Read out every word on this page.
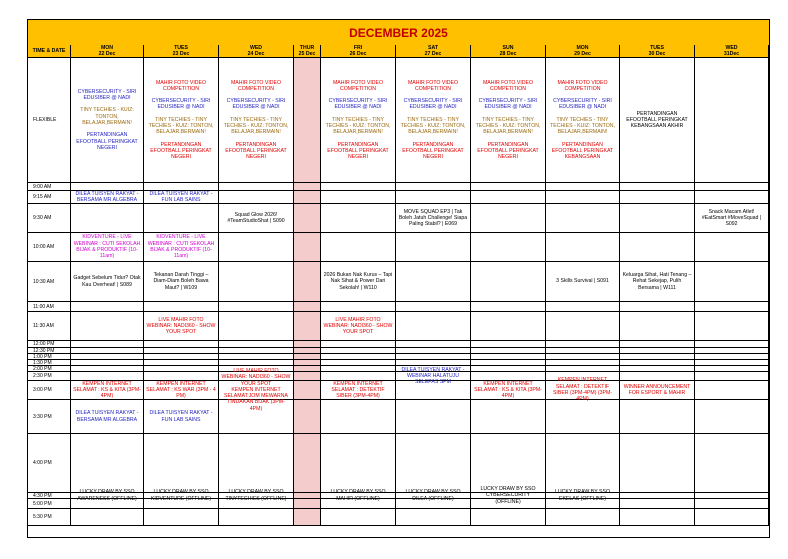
DECEMBER 2025
TIME & DATE	MON
22 Dec
TUES
23 Dec
WED
24 Dec
THUR
25 Dec
FRI
26 Dec
SAT
27 Dec
SUN
28 Dec
MON
29 Dec
TUES
30 Dec
WED
31Dec
FLEXIBLE
9:00 AM
9:15 AM
9:30 AM
10:00 AM
10:30 AM
11:00 AM
11:30 AM
12:00 PM
12:30 PM
1:00 PM
1:30 PM
2:00 PM
2:30 PM
3:00 PM
3:30 PM
4:00 PM
4:30 PM
5:00 PM
5:30 PM
CYBERSECURITY - SIRI EDUSIBER @ NADI
TINY TECHIES - KUIZ: TONTON, BELAJAR,BERMAIN!
PERTANDINGAN EFOOTBALL PERINGKAT NEGERI
MAHIR FOTO VIDEO COMPETITION
CYBERSECURITY - SIRI EDUSIBER @ NADI
TINY TECHIES - TINY TECHIES - KUIZ: TONTON, BELAJAR,BERMAIN!
PERTANDINGAN EFOOTBALL PERINGKAT NEGERI
MAHIR FOTO VIDEO COMPETITION
CYBERSECURITY - SIRI EDUSIBER @ NADI
TINY TECHIES - TINY TECHIES - KUIZ: TONTON, BELAJAR,BERMAIN!
PERTANDINGAN EFOOTBALL PERINGKAT NEGERI
MAHIR FOTO VIDEO COMPETITION
CYBERSECURITY - SIRI EDUSIBER @ NADI
TINY TECHIES - TINY TECHIES - KUIZ: TONTON, BELAJAR,BERMAIN!
PERTANDINGAN EFOOTBALL PERINGKAT NEGERI
MAHIR FOTO VIDEO COMPETITION
CYBERSECURITY - SIRI EDUSIBER @ NADI
TINY TECHIES - TINY TECHIES - KUIZ: TONTON, BELAJAR,BERMAIN!
PERTANDINGAN EFOOTBALL PERINGKAT NEGERI
MAHIR FOTO VIDEO COMPETITION
CYBERSECURITY - SIRI EDUSIBER @ NADI
TINY TECHIES - TINY TECHIES - KUIZ: TONTON, BELAJAR,BERMAIN!
PERTANDINGAN EFOOTBALL PERINGKAT NEGERI
MAHIR FOTO VIDEO COMPETITION
CYBERSECURITY - SIRI EDUSIBER @ NADI
TINY TECHIES - TINY TECHIES - KUIZ: TONTON, BELAJAR,BERMAIN!
PERTANDINGAN EFOOTBALL PERINGKAT KEBANGSAAN
PERTANDINGAN EFOOTBALL PERINGKAT KEBANGSAAN AKHIR
DILEA TUISYEN RAKYAT - BERSAMA MR ALGEBRA
DILEA TUISYEN RAKYAT - FUN LAB SAINS
Squad Glow 2026! #TeamStudioShat | S090
MOVE SQUAD EP3 | Tak Boleh Jatuh Challenge! Siapa Paling Stabil? | E069
Snack Macam Atlet! #EatSmart #MoveSquad | S092
KIDVENTURE - LIVE WEBINAR : CUTI SEKOLAH BIJAK & PRODUKTIF (10-11am)
KIDVENTURE - LIVE WEBINAR : CUTI SEKOLAH BIJAK & PRODUKTIF (10-11am)
Gadget Sebelum Tidur? Otak Kau Overheat! | S089
Tekanan Darah Tinggi – Diam-Diam Boleh Bawa Maut? | W109
2026 Bukan Nak Kurus – Tapi Nak Sihat & Power Dari Sekolah! | W110
3 Skills Survival | S091
Keluarga Sihat, Hati Tenang – Rehat Sekejap, Pulih Bersama | W111
LIVE MAHIR FOTO WEBINAR: NADI360 - SHOW YOUR SPOT
LIVE MAHIR FOTO WEBINAR: NADI360 - SHOW YOUR SPOT
DILEA TUISYEN RAKYAT - WEBINAR HALATUJU SELEPAS SPM
KEMPEN INTERNET SELAMAT : KS & KITA (3PM-4PM)
KEMPEN INTERNET SELAMAT : KS WAR (3PM - 4 PM)
LIVE MAHIR FOTO WEBINAR: NADI360 - SHOW YOUR SPOT
KEMPEN INTERNET SELAMAT:JOM MEWARNA TINDAKAN BIJAK (3PM-4PM)
KEMPEN INTERNET SELAMAT : DETEKTIF SIBER (3PM-4PM)
KEMPEN INTERNET SELAMAT : KS & KITA (3PM-4PM)
KEMPEN INTERNET SELAMAT : DETEKTIF SIBER (3PM-4PM) (3PM-4PM)
WINNER ANNOUNCEMENT FOR ESPORT & MAHIR
DILEA TUISYEN RAKYAT - BERSAMA MR ALGEBRA
DILEA TUISYEN RAKYAT - FUN LAB SAINS
LUCKY DRAW BY SSO AWARENESS (OFFLINE)
LUCKY DRAW BY SSO KIDVENTURE (OFFLINE)
LUCKY DRAW BY SSO TINYTECHIES (OFFLINE)
LUCKY DRAW BY SSO MAHIR (OFFLINE)
LUCKY DRAW BY SSO DILEA (OFFLINE)
LUCKY DRAW BY SSO CYBERSECURITY (OFFLINE)
LUCKY DRAW BY SSO EKELAS (OFFLINE)
